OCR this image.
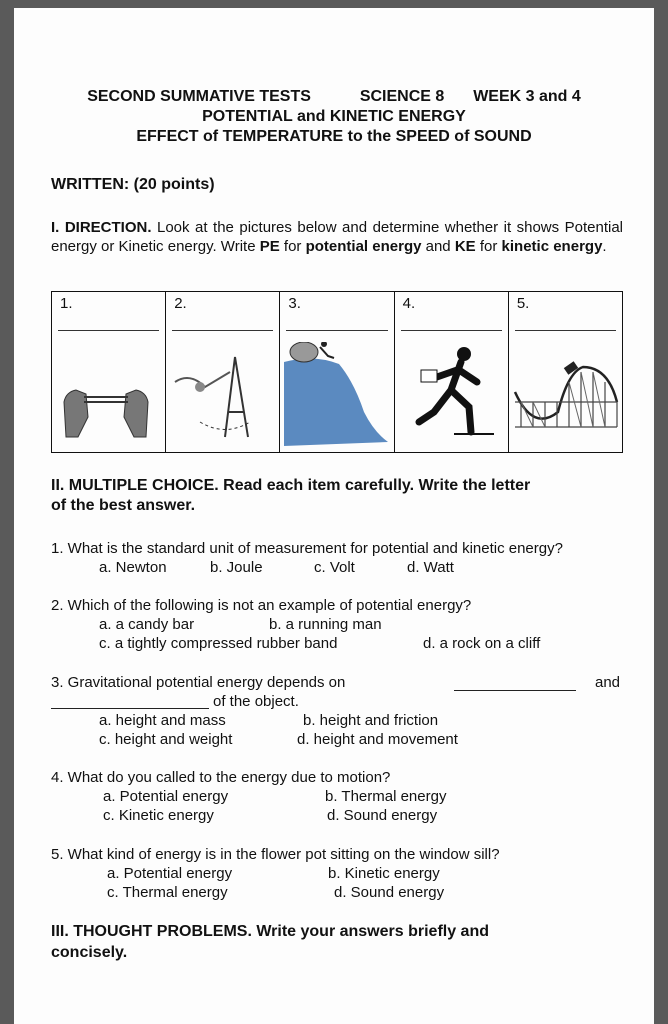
SECOND SUMMATIVE TESTS	SCIENCE 8 WEEK 3 and 4
POTENTIAL and KINETIC ENERGY
EFFECT of TEMPERATURE to the SPEED of SOUND
WRITTEN: (20 points)
I. DIRECTION. Look at the pictures below and determine whether it shows Potential energy or Kinetic energy. Write PE for potential energy and KE for kinetic energy.
1.	2.	3.	4.	5.
II. MULTIPLE CHOICE. Read each item carefully. Write the letter
of the best answer.
1. What is the standard unit of measurement for potential and kinetic energy?
a. Newton	b. Joule	c. Volt	d. Watt
2. Which of the following is not an example of potential energy?
a. a candy bar	b. a running man
c. a tightly compressed rubber band	d. a rock on a cliff
3. Gravitational potential energy depends on	and
of the object.
a. height and mass	b. height and friction
c. height and weight	d. height and movement
4. What do you called to the energy due to motion?
a. Potential energy	b. Thermal energy
c. Kinetic energy	d. Sound energy
5. What kind of energy is in the flower pot sitting on the window sill?
a. Potential energy	b. Kinetic energy
c. Thermal energy	d. Sound energy
III. THOUGHT PROBLEMS. Write your answers briefly and
concisely.
